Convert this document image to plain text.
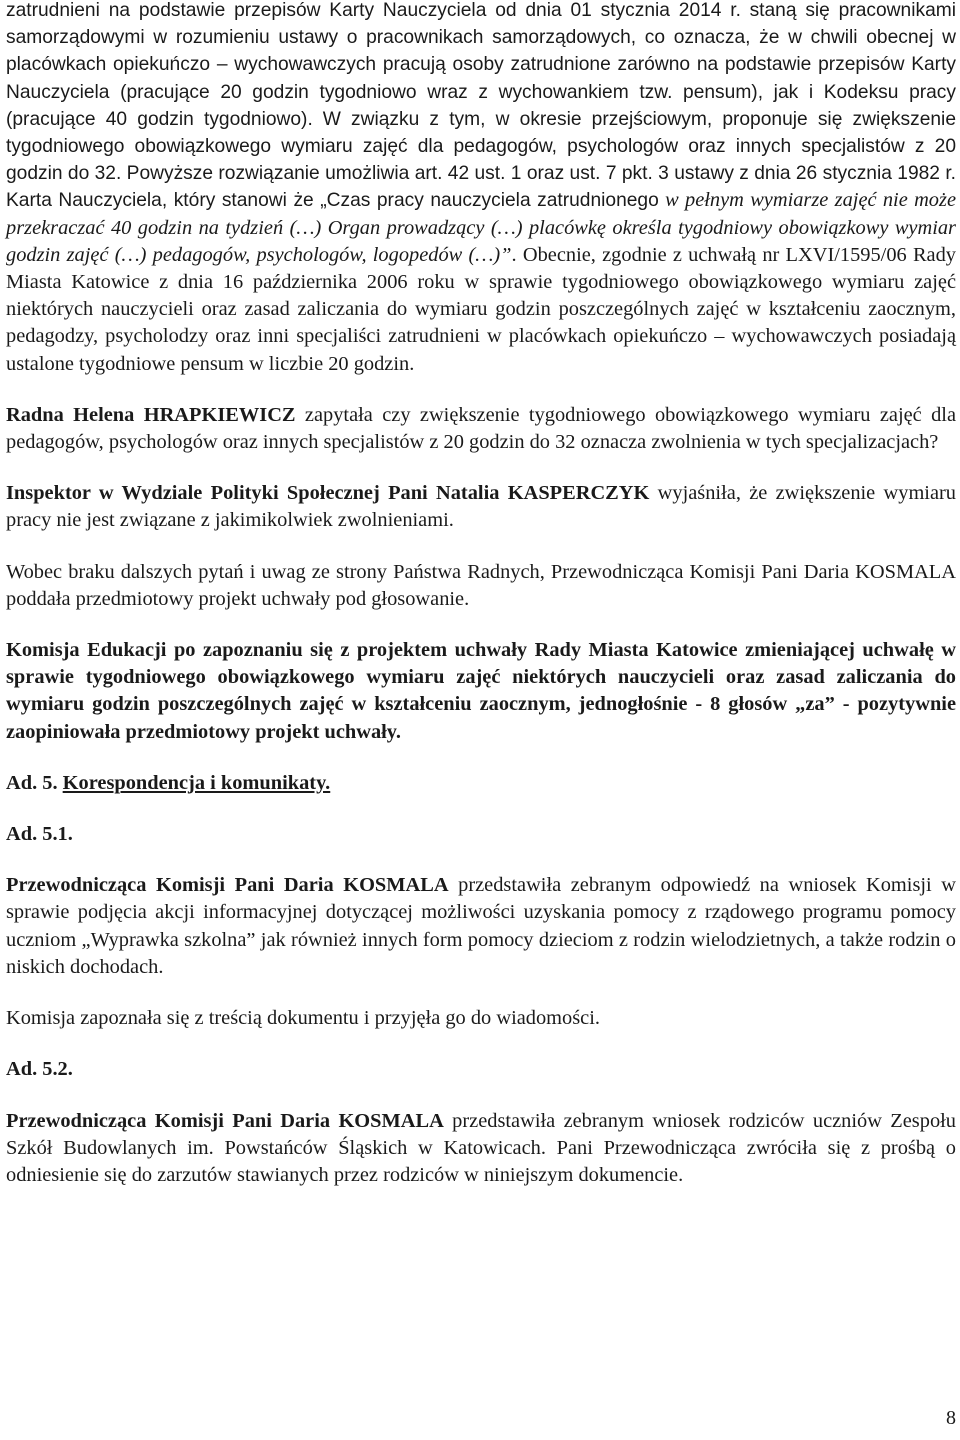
zatrudnieni na podstawie przepisów Karty Nauczyciela od dnia 01 stycznia 2014 r. staną się pracownikami samorządowymi w rozumieniu ustawy o pracownikach samorządowych, co oznacza, że w chwili obecnej w placówkach opiekuńczo – wychowawczych pracują osoby zatrudnione zarówno na podstawie przepisów Karty Nauczyciela (pracujące 20 godzin tygodniowo wraz z wychowankiem tzw. pensum), jak i Kodeksu pracy (pracujące 40 godzin tygodniowo). W związku z tym, w okresie przejściowym, proponuje się zwiększenie tygodniowego obowiązkowego wymiaru zajęć dla pedagogów, psychologów oraz innych specjalistów z 20 godzin do 32. Powyższe rozwiązanie umożliwia art. 42 ust. 1 oraz ust. 7 pkt. 3 ustawy z dnia 26 stycznia 1982 r. Karta Nauczyciela, który stanowi że „Czas pracy nauczyciela zatrudnionego w pełnym wymiarze zajęć nie może przekraczać 40 godzin na tydzień (…) Organ prowadzący (…) placówkę określa tygodniowy obowiązkowy wymiar godzin zajęć (…) pedagogów, psychologów, logopedów (…)”. Obecnie, zgodnie z uchwałą nr LXVI/1595/06 Rady Miasta Katowice z dnia 16 października 2006 roku w sprawie tygodniowego obowiązkowego wymiaru zajęć niektórych nauczycieli oraz zasad zaliczania do wymiaru godzin poszczególnych zajęć w kształceniu zaocznym, pedagodzy, psycholodzy oraz inni specjaliści zatrudnieni w placówkach opiekuńczo – wychowawczych posiadają ustalone tygodniowe pensum w liczbie 20 godzin.

Radna Helena HRAPKIEWICZ zapytała czy zwiększenie tygodniowego obowiązkowego wymiaru zajęć dla pedagogów, psychologów oraz innych specjalistów z 20 godzin do 32 oznacza zwolnienia w tych specjalizacjach?

Inspektor w Wydziale Polityki Społecznej Pani Natalia KASPERCZYK wyjaśniła, że zwiększenie wymiaru pracy nie jest związane z jakimikolwiek zwolnieniami.

Wobec braku dalszych pytań i uwag ze strony Państwa Radnych, Przewodnicząca Komisji Pani Daria KOSMALA poddała przedmiotowy projekt uchwały pod głosowanie.

Komisja Edukacji po zapoznaniu się z projektem uchwały Rady Miasta Katowice zmieniającej uchwałę w sprawie tygodniowego obowiązkowego wymiaru zajęć niektórych nauczycieli oraz zasad zaliczania do wymiaru godzin poszczególnych zajęć w kształceniu zaocznym, jednogłośnie - 8 głosów „za” - pozytywnie zaopiniowała przedmiotowy projekt uchwały.

Ad. 5. Korespondencja i komunikaty.

Ad. 5.1.

Przewodnicząca Komisji Pani Daria KOSMALA przedstawiła zebranym odpowiedź na wniosek Komisji w sprawie podjęcia akcji informacyjnej dotyczącej możliwości uzyskania pomocy z rządowego programu pomocy uczniom „Wyprawka szkolna” jak również innych form pomocy dzieciom z rodzin wielodzietnych, a także rodzin o niskich dochodach.

Komisja zapoznała się z treścią dokumentu i przyjęła go do wiadomości.

Ad. 5.2.

Przewodnicząca Komisji Pani Daria KOSMALA przedstawiła zebranym wniosek rodziców uczniów Zespołu Szkół Budowlanych im. Powstańców Śląskich w Katowicach. Pani Przewodnicząca zwróciła się z prośbą o odniesienie się do zarzutów stawianych przez rodziców w niniejszym dokumencie.

8
